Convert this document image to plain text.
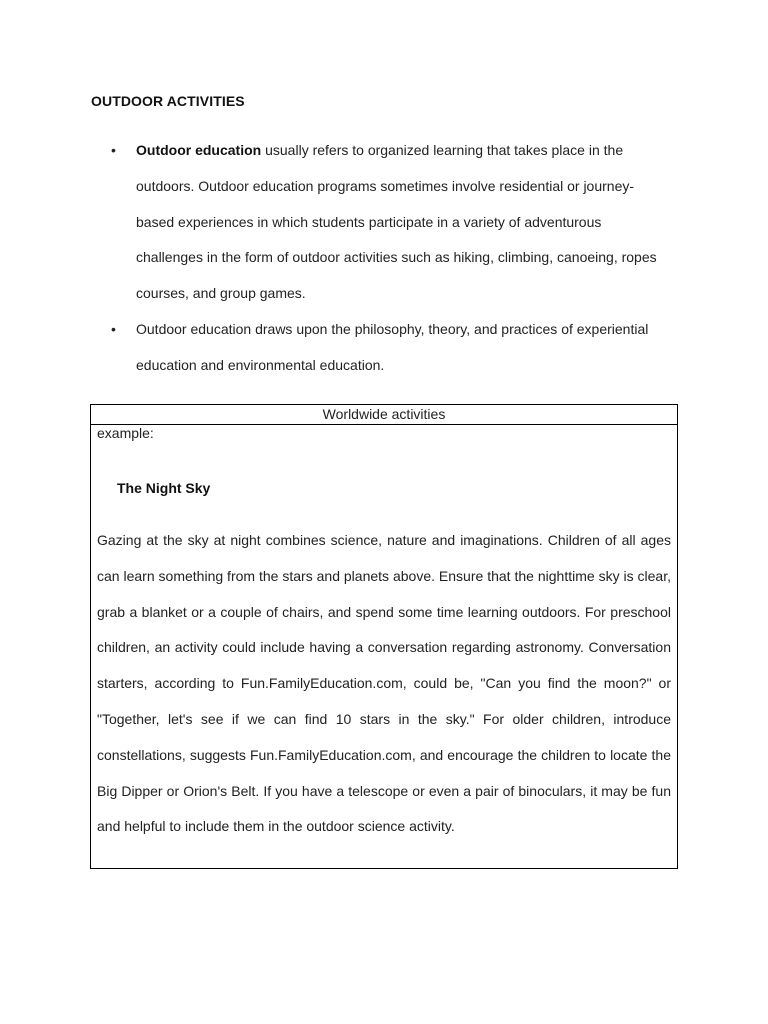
OUTDOOR ACTIVITIES
• Outdoor education usually refers to organized learning that takes place in the outdoors. Outdoor education programs sometimes involve residential or journey-based experiences in which students participate in a variety of adventurous challenges in the form of outdoor activities such as hiking, climbing, canoeing, ropes courses, and group games.
• Outdoor education draws upon the philosophy, theory, and practices of experiential education and environmental education.
Worldwide activities
example:
The Night Sky
Gazing at the sky at night combines science, nature and imaginations. Children of all ages can learn something from the stars and planets above. Ensure that the nighttime sky is clear, grab a blanket or a couple of chairs, and spend some time learning outdoors. For preschool children, an activity could include having a conversation regarding astronomy. Conversation starters, according to Fun.FamilyEducation.com, could be, "Can you find the moon?" or "Together, let's see if we can find 10 stars in the sky." For older children, introduce constellations, suggests Fun.FamilyEducation.com, and encourage the children to locate the Big Dipper or Orion's Belt. If you have a telescope or even a pair of binoculars, it may be fun and helpful to include them in the outdoor science activity.
